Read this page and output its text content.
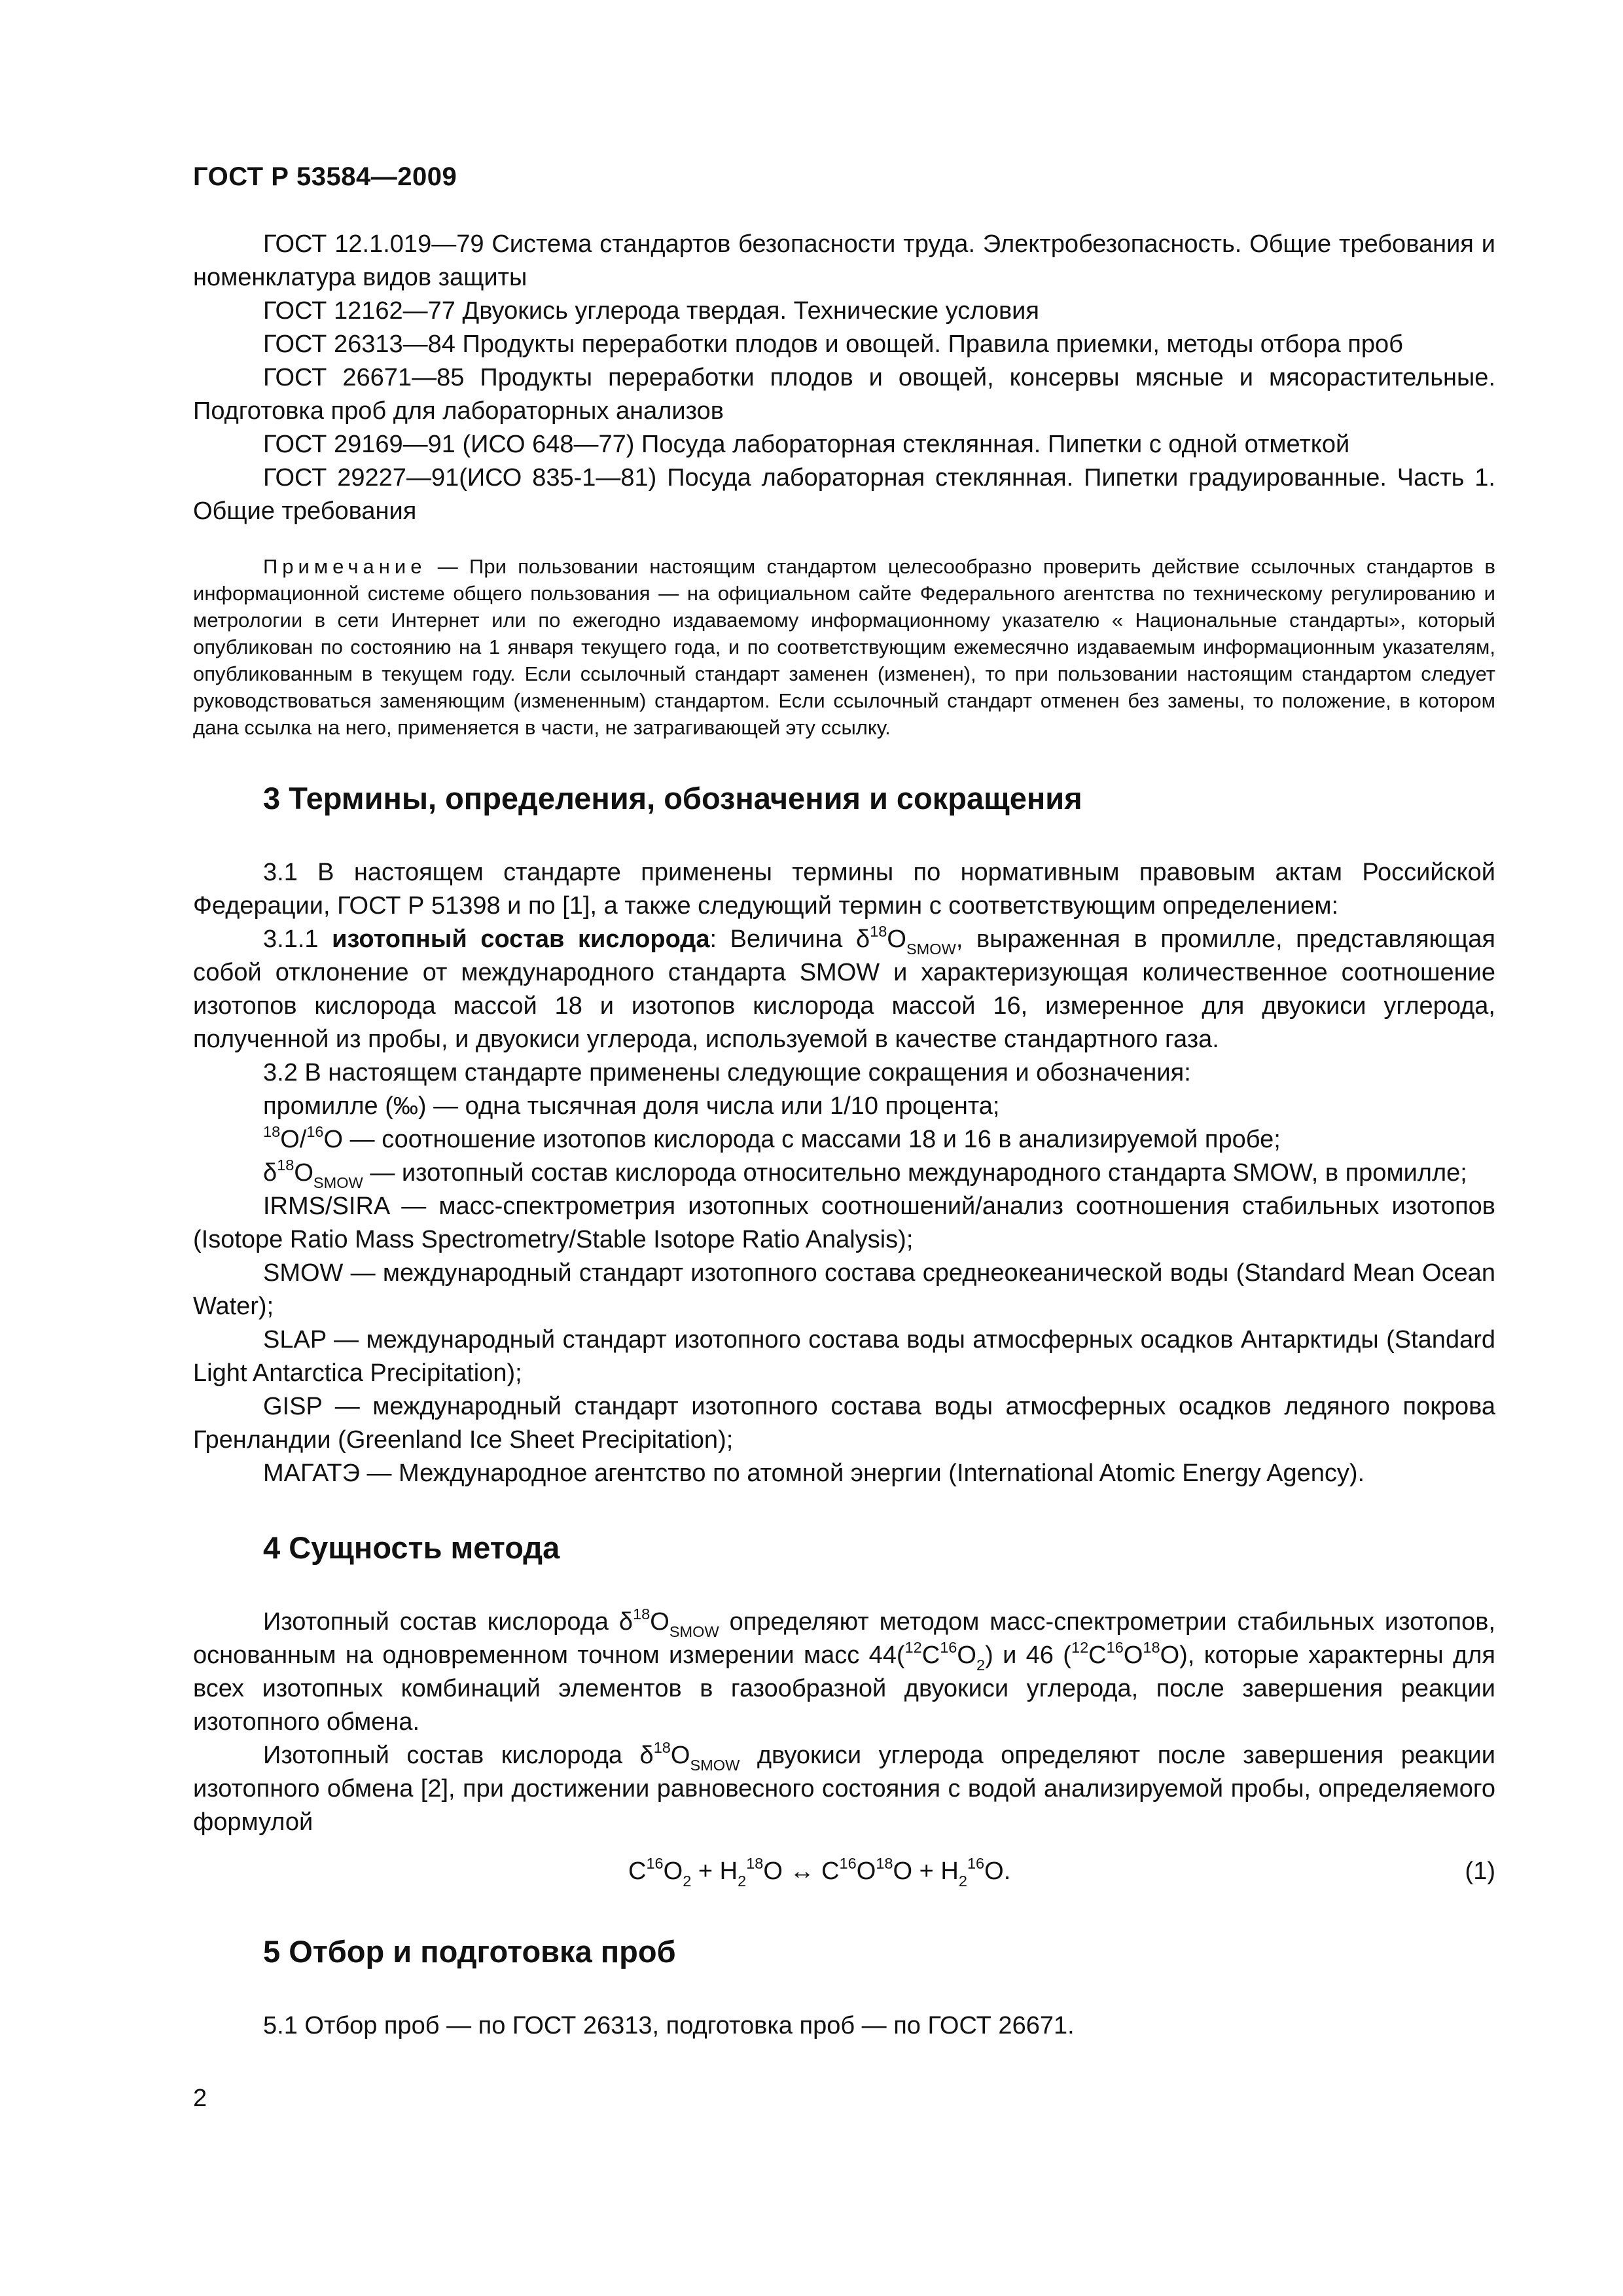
ГОСТ Р 53584—2009

ГОСТ 12.1.019—79 Система стандартов безопасности труда. Электробезопасность. Общие требования и номенклатура видов защиты

ГОСТ 12162—77 Двуокись углерода твердая. Технические условия

ГОСТ 26313—84 Продукты переработки плодов и овощей. Правила приемки, методы отбора проб

ГОСТ 26671—85 Продукты переработки плодов и овощей, консервы мясные и мясорастительные. Подготовка проб для лабораторных анализов

ГОСТ 29169—91 (ИСО 648—77) Посуда лабораторная стеклянная. Пипетки с одной отметкой

ГОСТ 29227—91(ИСО 835-1—81) Посуда лабораторная стеклянная. Пипетки градуированные. Часть 1. Общие требования

Примечание — При пользовании настоящим стандартом целесообразно проверить действие ссылочных стандартов в информационной системе общего пользования — на официальном сайте Федерального агентства по техническому регулированию и метрологии в сети Интернет или по ежегодно издаваемому информационному указателю « Национальные стандарты», который опубликован по состоянию на 1 января текущего года, и по соответствующим ежемесячно издаваемым информационным указателям, опубликованным в текущем году. Если ссылочный стандарт заменен (изменен), то при пользовании настоящим стандартом следует руководствоваться заменяющим (измененным) стандартом. Если ссылочный стандарт отменен без замены, то положение, в котором дана ссылка на него, применяется в части, не затрагивающей эту ссылку.

3 Термины, определения, обозначения и сокращения

3.1 В настоящем стандарте применены термины по нормативным правовым актам Российской Федерации, ГОСТ Р 51398 и по [1], а также следующий термин с соответствующим определением:

3.1.1 изотопный состав кислорода: Величина $\delta^{18}O_{SMOW}$, выраженная в промилле, представляющая собой отклонение от международного стандарта SMOW и характеризующая количественное соотношение изотопов кислорода массой 18 и изотопов кислорода массой 16, измеренное для двуокиси углерода, полученной из пробы, и двуокиси углерода, используемой в качестве стандартного газа.

3.2 В настоящем стандарте применены следующие сокращения и обозначения:

промилле (‰) — одна тысячная доля числа или 1/10 процента;

$^{18}$O/$^{16}$O — соотношение изотопов кислорода с массами 18 и 16 в анализируемой пробе;

$\delta^{18}O_{SMOW}$ — изотопный состав кислорода относительно международного стандарта SMOW, в промилле;

IRMS/SIRA — масс-спектрометрия изотопных соотношений/анализ соотношения стабильных изотопов (Isotope Ratio Mass Spectrometry/Stable Isotope Ratio Analysis);

SMOW — международный стандарт изотопного состава среднеокеанической воды (Standard Mean Ocean Water);

SLAP — международный стандарт изотопного состава воды атмосферных осадков Антарктиды (Standard Light Antarctica Precipitation);

GISP — международный стандарт изотопного состава воды атмосферных осадков ледяного покрова Гренландии (Greenland Ice Sheet Precipitation);

МАГАТЭ — Международное агентство по атомной энергии (International Atomic Energy Agency).

4 Сущность метода

Изотопный состав кислорода $\delta^{18}O_{SMOW}$ определяют методом масс-спектрометрии стабильных изотопов, основанным на одновременном точном измерении масс $44(^{12}C^{16}O_2)$ и 46 $(^{12}C^{16}O^{18}O)$, которые характерны для всех изотопных комбинаций элементов в газообразной двуокиси углерода, после завершения реакции изотопного обмена.

Изотопный состав кислорода $\delta^{18}O_{SMOW}$ двуокиси углерода определяют после завершения реакции изотопного обмена [2], при достижении равновесного состояния с водой анализируемой пробы, определяемого формулой

$C^{16}O_2 + H_2^{18}O$ ↔ $C^{16}O^{18}O + H_2^{16}O$.	(1)
5 Отбор и подготовка проб

5.1 Отбор проб — по ГОСТ 26313, подготовка проб — по ГОСТ 26671.

2
